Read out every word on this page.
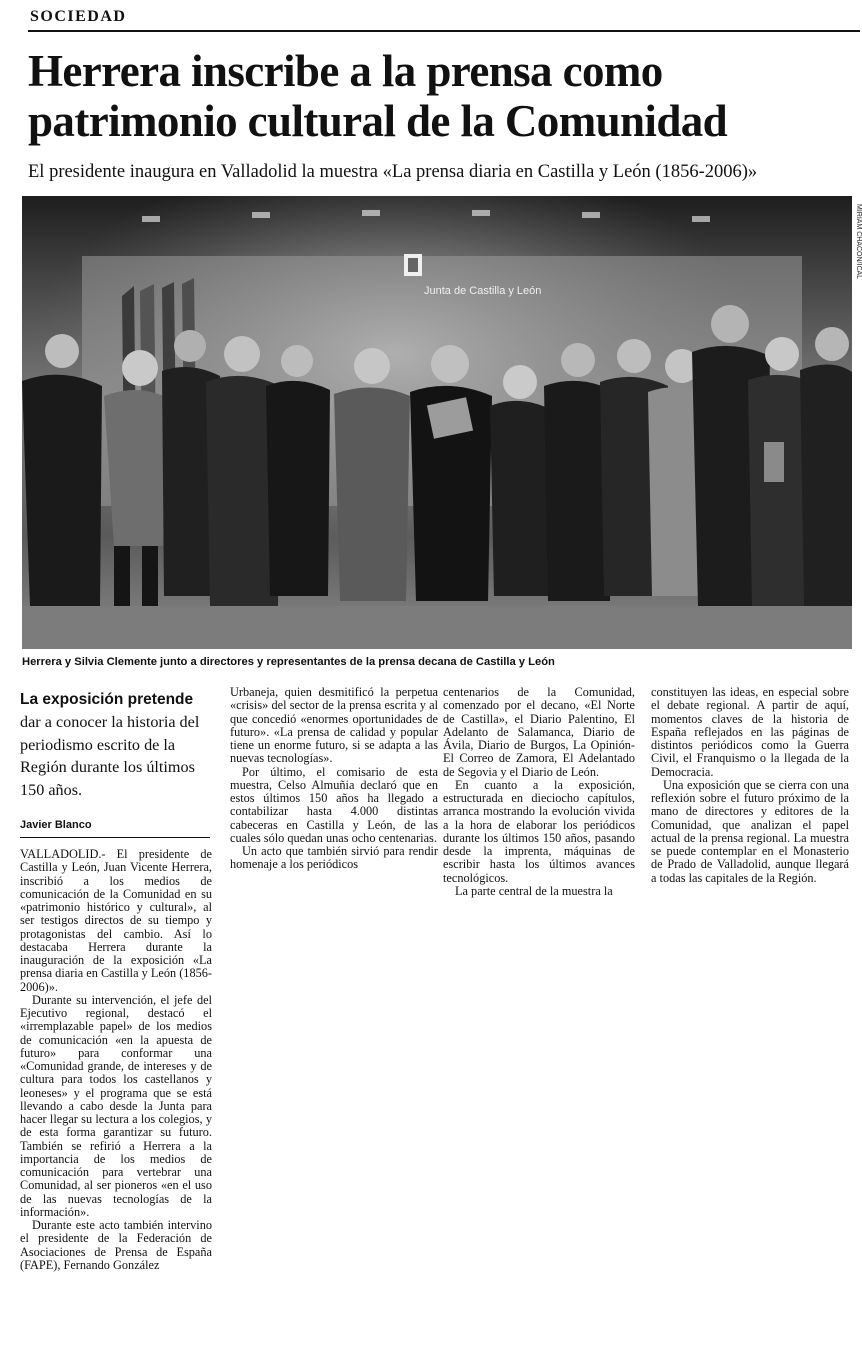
SOCIEDAD
Herrera inscribe a la prensa como patrimonio cultural de la Comunidad
El presidente inaugura en Valladolid la muestra «La prensa diaria en Castilla y León (1856-2006)»
Junta de Castilla y León
MIRIAM CHACÓN/ICAL
Herrera y Silvia Clemente junto a directores y representantes de la prensa decana de Castilla y León
La exposición pretende
dar a conocer la historia del periodismo escrito de la Región durante los últimos 150 años.
Javier Blanco

VALLADOLID.- El presidente de Castilla y León, Juan Vicente Herrera, inscribió a los medios de comunicación de la Comunidad en su «patrimonio histórico y cultural», al ser testigos directos de su tiempo y protagonistas del cambio. Así lo destacaba Herrera durante la inauguración de la exposición «La prensa diaria en Castilla y León (1856-2006)».

Durante su intervención, el jefe del Ejecutivo regional, destacó el «irremplazable papel» de los medios de comunicación «en la apuesta de futuro» para conformar una «Comunidad grande, de intereses y de cultura para todos los castellanos y leoneses» y el programa que se está llevando a cabo desde la Junta para hacer llegar su lectura a los colegios, y de esta forma garantizar su futuro. También se refirió a Herrera a la importancia de los medios de comunicación para vertebrar una Comunidad, al ser pioneros «en el uso de las nuevas tecnologías de la información».

Durante este acto también intervino el presidente de la Federación de Asociaciones de Prensa de España (FAPE), Fernando González

Urbaneja, quien desmitificó la perpetua «crisis» del sector de la prensa escrita y al que concedió «enormes oportunidades de futuro». «La prensa de calidad y popular tiene un enorme futuro, si se adapta a las nuevas tecnologías».

Por último, el comisario de esta muestra, Celso Almuñia declaró que en estos últimos 150 años ha llegado a contabilizar hasta 4.000 distintas cabeceras en Castilla y León, de las cuales sólo quedan unas ocho centenarias.

Un acto que también sirvió para rendir homenaje a los periódicos

centenarios de la Comunidad, comenzado por el decano, «El Norte de Castilla», el Diario Palentino, El Adelanto de Salamanca, Diario de Ávila, Diario de Burgos, La Opinión-El Correo de Zamora, El Adelantado de Segovia y el Diario de León.

En cuanto a la exposición, estructurada en dieciocho capítulos, arranca mostrando la evolución vivida a la hora de elaborar los periódicos durante los últimos 150 años, pasando desde la imprenta, máquinas de escribir hasta los últimos avances tecnológicos.

La parte central de la muestra la

constituyen las ideas, en especial sobre el debate regional. A partir de aquí, momentos claves de la historia de España reflejados en las páginas de distintos periódicos como la Guerra Civil, el Franquismo o la llegada de la Democracia.

Una exposición que se cierra con una reflexión sobre el futuro próximo de la mano de directores y editores de la Comunidad, que analizan el papel actual de la prensa regional. La muestra se puede contemplar en el Monasterio de Prado de Valladolid, aunque llegará a todas las capitales de la Región.
